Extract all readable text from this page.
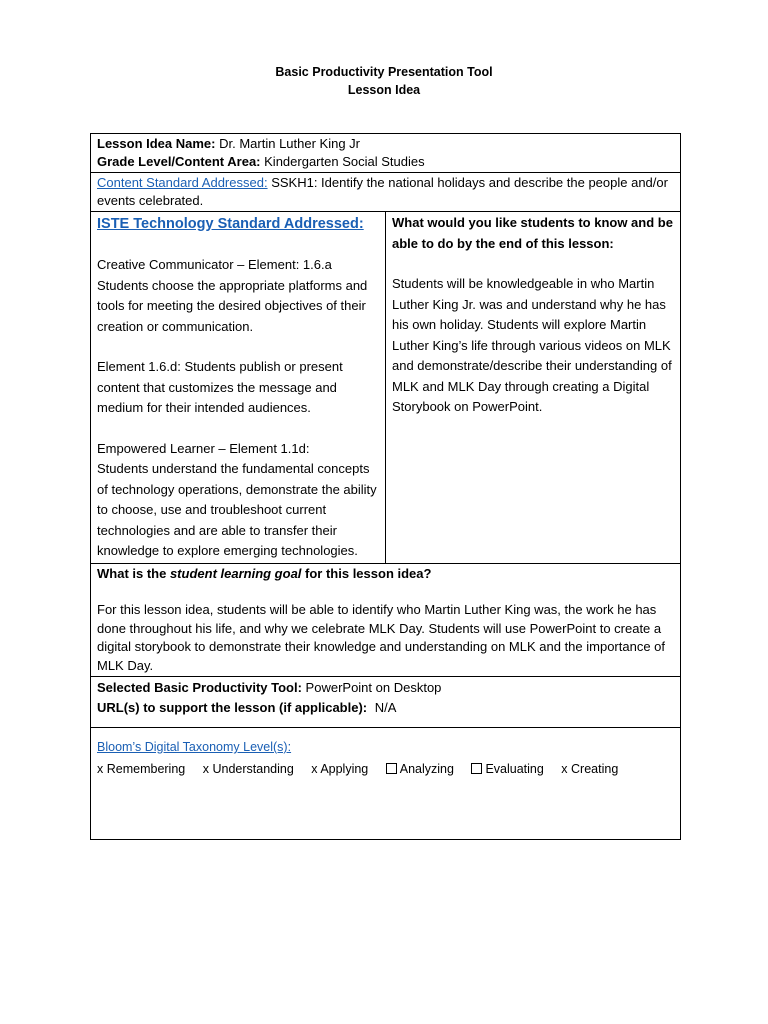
Basic Productivity Presentation Tool
Lesson Idea
Lesson Idea Name: Dr. Martin Luther King Jr
Grade Level/Content Area: Kindergarten Social Studies

Content Standard Addressed: SSKH1: Identify the national holidays and describe the people and/or events celebrated.

ISTE Technology Standard Addressed:

Creative Communicator – Element: 1.6.a

Students choose the appropriate platforms and tools for meeting the desired objectives of their creation or communication.

Element 1.6.d: Students publish or present content that customizes the message and medium for their intended audiences.

Empowered Learner – Element 1.1d:

Students understand the fundamental concepts of technology operations, demonstrate the ability to choose, use and troubleshoot current technologies and are able to transfer their knowledge to explore emerging technologies.

What would you like students to know and be able to do by the end of this lesson:

Students will be knowledgeable in who Martin Luther King Jr. was and understand why he has his own holiday. Students will explore Martin Luther King’s life through various videos on MLK and demonstrate/describe their understanding of MLK and MLK Day through creating a Digital Storybook on PowerPoint.

What is the student learning goal for this lesson idea?

For this lesson idea, students will be able to identify who Martin Luther King was, the work he has done throughout his life, and why we celebrate MLK Day. Students will use PowerPoint to create a digital storybook to demonstrate their knowledge and understanding on MLK and the importance of MLK Day.

Selected Basic Productivity Tool: PowerPoint on Desktop
URL(s) to support the lesson (if applicable): N/A

Bloom’s Digital Taxonomy Level(s):
x Remembering x Understanding x Applying	Analyzing	Evaluating x Creating
